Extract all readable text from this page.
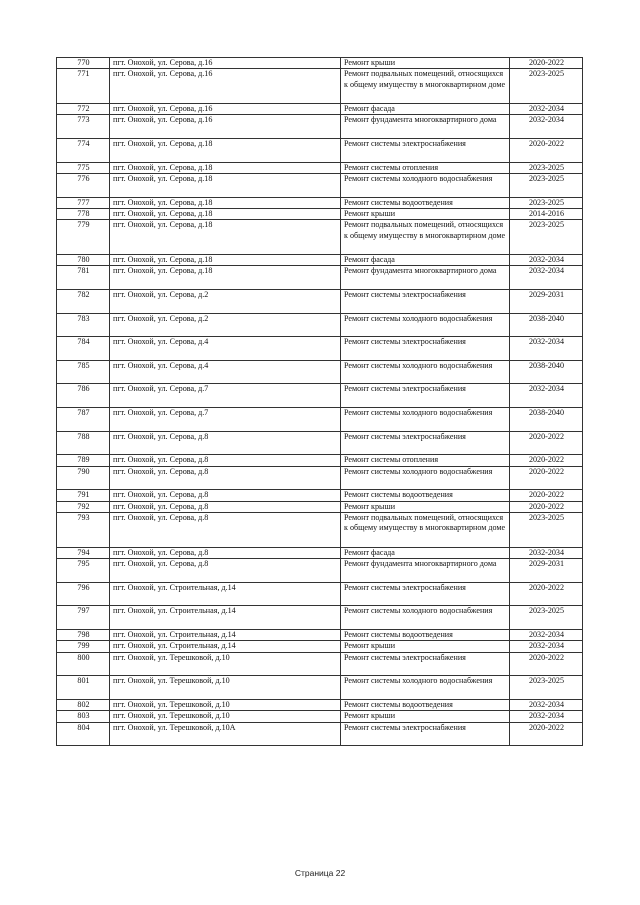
770	пгт. Онохой, ул. Серова, д.16	Ремонт крыши	2020-2022
771	пгт. Онохой, ул. Серова, д.16	Ремонт подвальных помещений, относящихся к общему имуществу в многоквартирном доме	2023-2025
772	пгт. Онохой, ул. Серова, д.16	Ремонт фасада	2032-2034
773	пгт. Онохой, ул. Серова, д.16	Ремонт фундамента многоквартирного дома	2032-2034
774	пгт. Онохой, ул. Серова, д.18	Ремонт системы электроснабжения	2020-2022
775	пгт. Онохой, ул. Серова, д.18	Ремонт системы отопления	2023-2025
776	пгт. Онохой, ул. Серова, д.18	Ремонт системы холодного водоснабжения	2023-2025
777	пгт. Онохой, ул. Серова, д.18	Ремонт системы водоотведения	2023-2025
778	пгт. Онохой, ул. Серова, д.18	Ремонт крыши	2014-2016
779	пгт. Онохой, ул. Серова, д.18	Ремонт подвальных помещений, относящихся к общему имуществу в многоквартирном доме	2023-2025
780	пгт. Онохой, ул. Серова, д.18	Ремонт фасада	2032-2034
781	пгт. Онохой, ул. Серова, д.18	Ремонт фундамента многоквартирного дома	2032-2034
782	пгт. Онохой, ул. Серова, д.2	Ремонт системы электроснабжения	2029-2031
783	пгт. Онохой, ул. Серова, д.2	Ремонт системы холодного водоснабжения	2038-2040
784	пгт. Онохой, ул. Серова, д.4	Ремонт системы электроснабжения	2032-2034
785	пгт. Онохой, ул. Серова, д.4	Ремонт системы холодного водоснабжения	2038-2040
786	пгт. Онохой, ул. Серова, д.7	Ремонт системы электроснабжения	2032-2034
787	пгт. Онохой, ул. Серова, д.7	Ремонт системы холодного водоснабжения	2038-2040
788	пгт. Онохой, ул. Серова, д.8	Ремонт системы электроснабжения	2020-2022
789	пгт. Онохой, ул. Серова, д.8	Ремонт системы отопления	2020-2022
790	пгт. Онохой, ул. Серова, д.8	Ремонт системы холодного водоснабжения	2020-2022
791	пгт. Онохой, ул. Серова, д.8	Ремонт системы водоотведения	2020-2022
792	пгт. Онохой, ул. Серова, д.8	Ремонт крыши	2020-2022
793	пгт. Онохой, ул. Серова, д.8	Ремонт подвальных помещений, относящихся к общему имуществу в многоквартирном доме	2023-2025
794	пгт. Онохой, ул. Серова, д.8	Ремонт фасада	2032-2034
795	пгт. Онохой, ул. Серова, д.8	Ремонт фундамента многоквартирного дома	2029-2031
796	пгт. Онохой, ул. Строительная, д.14	Ремонт системы электроснабжения	2020-2022
797	пгт. Онохой, ул. Строительная, д.14	Ремонт системы холодного водоснабжения	2023-2025
798	пгт. Онохой, ул. Строительная, д.14	Ремонт системы водоотведения	2032-2034
799	пгт. Онохой, ул. Строительная, д.14	Ремонт крыши	2032-2034
800	пгт. Онохой, ул. Терешковой, д.10	Ремонт системы электроснабжения	2020-2022
801	пгт. Онохой, ул. Терешковой, д.10	Ремонт системы холодного водоснабжения	2023-2025
802	пгт. Онохой, ул. Терешковой, д.10	Ремонт системы водоотведения	2032-2034
803	пгт. Онохой, ул. Терешковой, д.10	Ремонт крыши	2032-2034
804	пгт. Онохой, ул. Терешковой, д.10А	Ремонт системы электроснабжения	2020-2022
Страница 22
